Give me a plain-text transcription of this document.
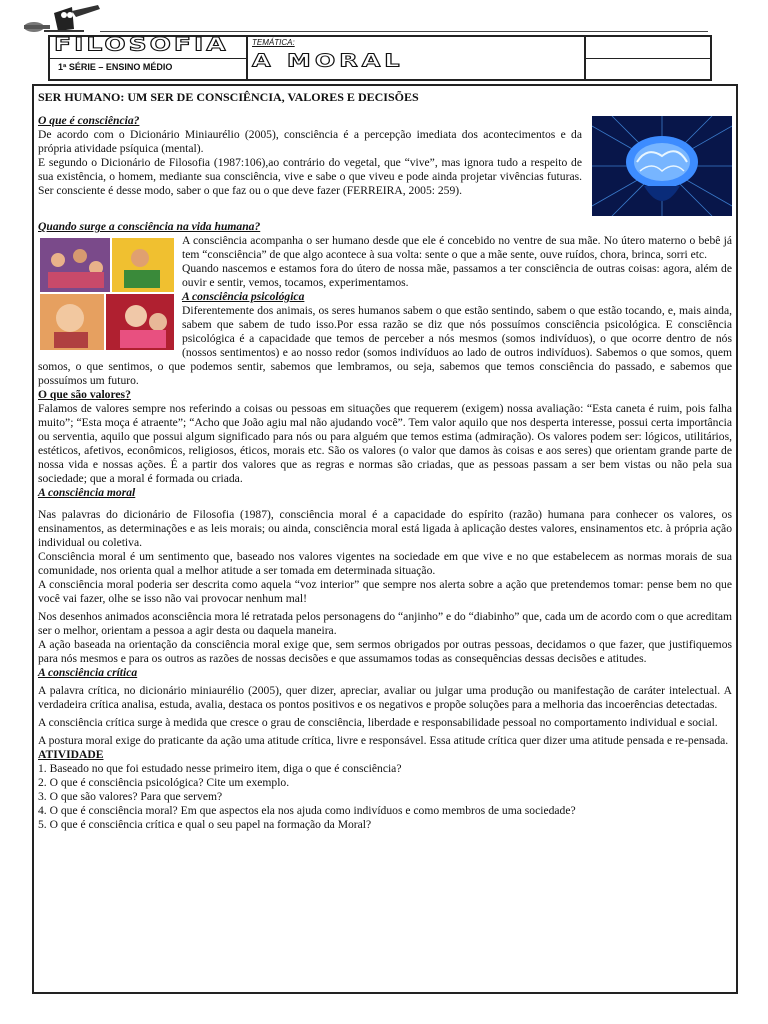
FILOSOFIA
1ª SÉRIE – ENSINO MÉDIO
TEMÁTICA:
A MORAL

SER HUMANO: UM SER DE CONSCIÊNCIA, VALORES E DECISÕES

O que é consciência?

De acordo com o Dicionário Miniaurélio (2005), consciência é a percepção imediata dos acontecimentos e da própria atividade psíquica (mental).

E segundo o Dicionário de Filosofia (1987:106),ao contrário do vegetal, que “vive”, mas ignora tudo a respeito de sua existência, o homem, mediante sua consciência, vive e sabe o que viveu e pode ainda projetar vivências futuras. Ser consciente é desse modo, saber o que faz ou o que deve fazer (FERREIRA, 2005: 259).

Quando surge a consciência na vida humana?

A consciência acompanha o ser humano desde que ele é concebido no ventre de sua mãe. No útero materno o bebê já tem “consciência” de que algo acontece à sua volta: sente o que a mãe sente, ouve ruídos, chora, brinca, sorri etc.

Quando nascemos e estamos fora do útero de nossa mãe, passamos a ter consciência de outras coisas: agora, além de ouvir e sentir, vemos, tocamos, experimentamos.

A consciência psicológica

Diferentemente dos animais, os seres humanos sabem o que estão sentindo, sabem o que estão tocando, e, mais ainda, sabem que sabem de tudo isso.Por essa razão se diz que nós possuímos consciência psicológica. E consciência psicológica é a capacidade que temos de perceber a nós mesmos (somos indivíduos), o que ocorre dentro de nós (nossos sentimentos) e ao nosso redor (somos indivíduos ao lado de outros indivíduos). Sabemos o que somos, quem somos, o que sentimos, o que podemos sentir, sabemos que lembramos, ou seja, sabemos que temos consciência do passado, e sabemos que possuímos um futuro.

O que são valores?

Falamos de valores sempre nos referindo a coisas ou pessoas em situações que requerem (exigem) nossa avaliação: “Esta caneta é ruim, pois falha muito”; “Esta moça é atraente”; “Acho que João agiu mal não ajudando você”. Tem valor aquilo que nos desperta interesse, possui certa importância ou serventia, aquilo que possui algum significado para nós ou para alguém que temos estima (admiração). Os valores podem ser: lógicos, utilitários, estéticos, afetivos, econômicos, religiosos, éticos, morais etc. São os valores (o valor que damos às coisas e aos seres) que orientam grande parte de nossa vida e nossas ações. É a partir dos valores que as regras e normas são criadas, que as pessoas passam a ser bem vistas ou não pela sua sociedade; que a moral é formada ou criada.

A consciência moral

Nas palavras do dicionário de Filosofia (1987), consciência moral é a capacidade do espírito (razão) humana para conhecer os valores, os ensinamentos, as determinações e as leis morais; ou ainda, consciência moral está ligada à aplicação destes valores, ensinamentos etc. à própria ação individual ou coletiva.

Consciência moral é um sentimento que, baseado nos valores vigentes na sociedade em que vive e no que estabelecem as normas morais de sua comunidade, nos orienta qual a melhor atitude a ser tomada em determinada situação.

A consciência moral poderia ser descrita como aquela “voz interior” que sempre nos alerta sobre a ação que pretendemos tomar: pense bem no que você vai fazer, olhe se isso não vai provocar nenhum mal!

Nos desenhos animados aconsciência mora lé retratada pelos personagens do “anjinho” e do “diabinho” que, cada um de acordo com o que acreditam ser o melhor, orientam a pessoa a agir desta ou daquela maneira.

A ação baseada na orientação da consciência moral exige que, sem sermos obrigados por outras pessoas, decidamos o que fazer, que justifiquemos para nós mesmos e para os outros as razões de nossas decisões e que assumamos todas as consequências dessas decisões e atitudes.

A consciência crítica

A palavra crítica, no dicionário miniaurélio (2005), quer dizer, apreciar, avaliar ou julgar uma produção ou manifestação de caráter intelectual. A verdadeira crítica analisa, estuda, avalia, destaca os pontos positivos e os negativos e propõe soluções para a melhoria das incoerências detectadas.

A consciência crítica surge à medida que cresce o grau de consciência, liberdade e responsabilidade pessoal no comportamento individual e social.

A postura moral exige do praticante da ação uma atitude crítica, livre e responsável. Essa atitude crítica quer dizer uma atitude pensada e re-pensada.

ATIVIDADE

1. Baseado no que foi estudado nesse primeiro item, diga o que é consciência?
2. O que é consciência psicológica? Cite um exemplo.
3. O que são valores? Para que servem?
4. O que é consciência moral? Em que aspectos ela nos ajuda como indivíduos e como membros de uma sociedade?
5. O que é consciência crítica e qual o seu papel na formação da Moral?
